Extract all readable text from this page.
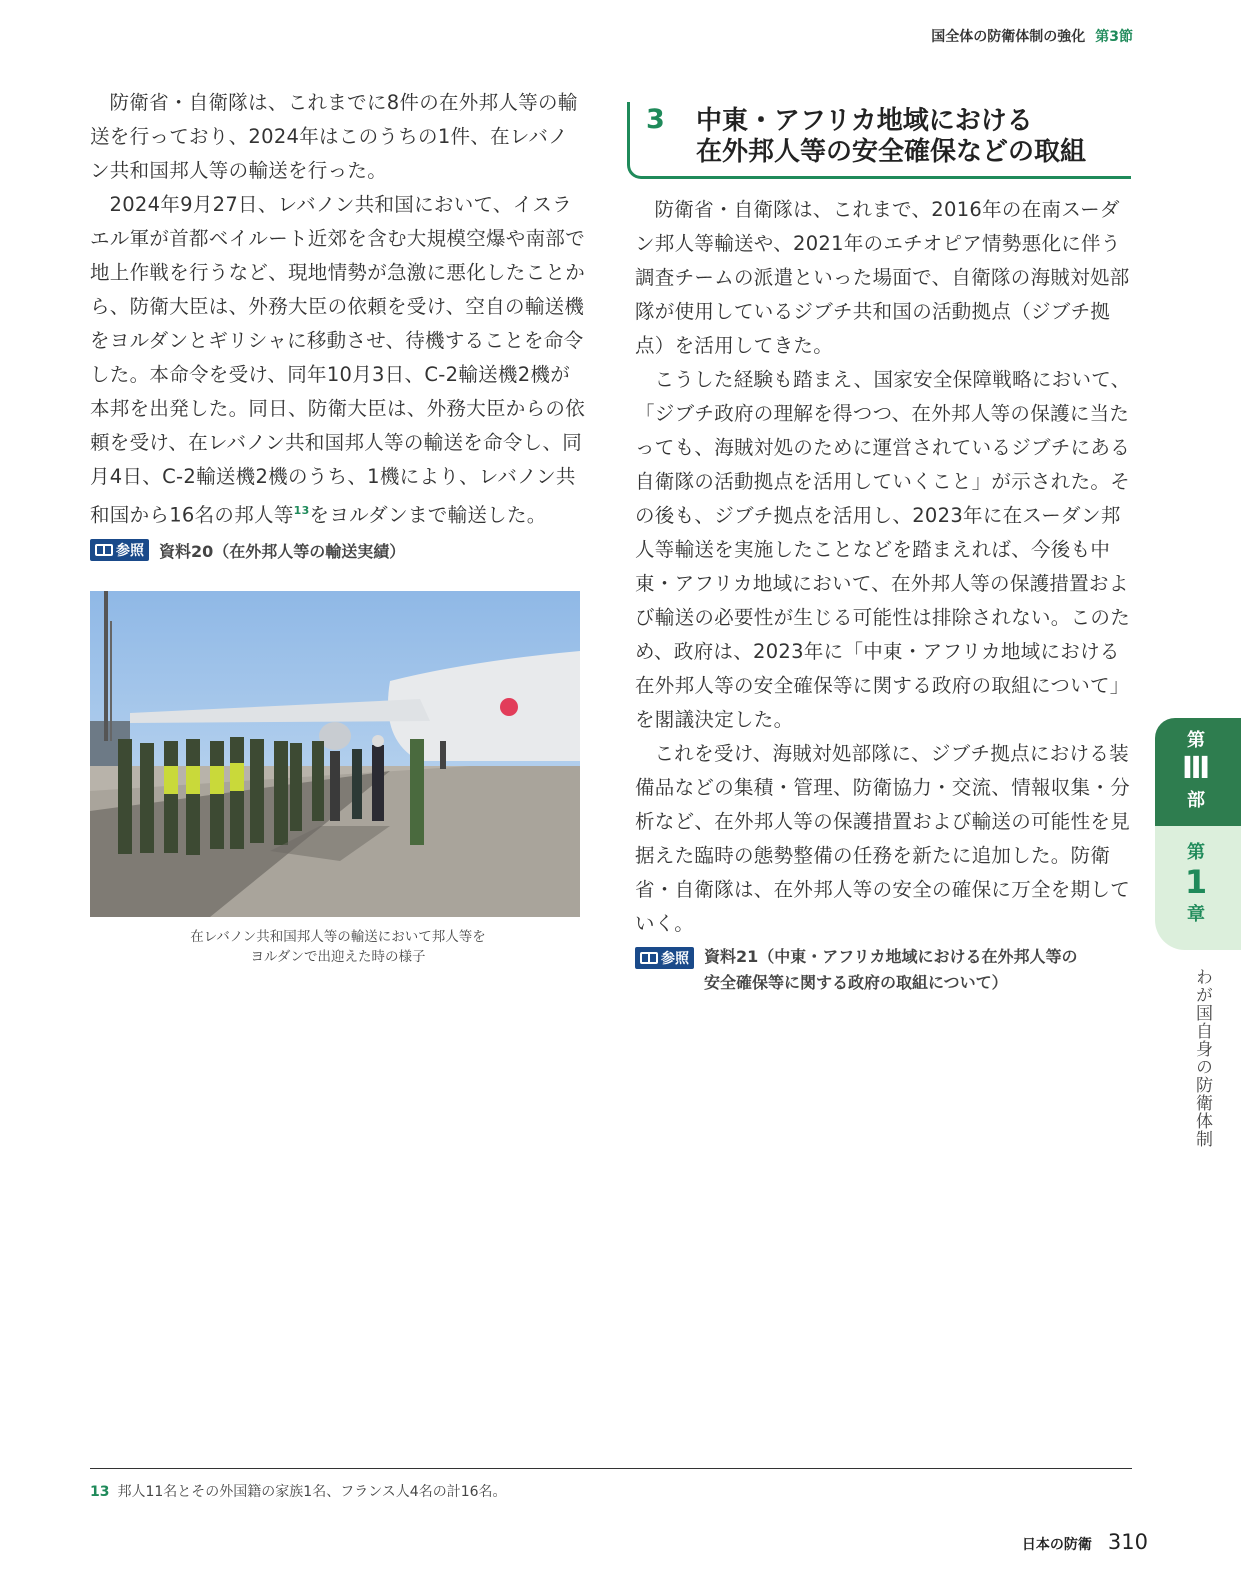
国全体の防衛体制の強化 第3節

防衛省・自衛隊は、これまでに8件の在外邦人等の輸送を行っており、2024年はこのうちの1件、在レバノン共和国邦人等の輸送を行った。

2024年9月27日、レバノン共和国において、イスラエル軍が首都ベイルート近郊を含む大規模空爆や南部で地上作戦を行うなど、現地情勢が急激に悪化したことから、防衛大臣は、外務大臣の依頼を受け、空自の輸送機をヨルダンとギリシャに移動させ、待機することを命令した。本命令を受け、同年10月3日、C-2輸送機2機が本邦を出発した。同日、防衛大臣は、外務大臣からの依頼を受け、在レバノン共和国邦人等の輸送を命令し、同月4日、C-2輸送機2機のうち、1機により、レバノン共和国から16名の邦人等$^{13}$をヨルダンまで輸送した。

参照 資料20（在外邦人等の輸送実績）
在レバノン共和国邦人等の輸送において邦人等を
ヨルダンで出迎えた時の様子
3 中東・アフリカ地域における
在外邦人等の安全確保などの取組

防衛省・自衛隊は、これまで、2016年の在南スーダン邦人等輸送や、2021年のエチオピア情勢悪化に伴う調査チームの派遣といった場面で、自衛隊の海賊対処部隊が使用しているジブチ共和国の活動拠点（ジブチ拠点）を活用してきた。

こうした経験も踏まえ、国家安全保障戦略において、「ジブチ政府の理解を得つつ、在外邦人等の保護に当たっても、海賊対処のために運営されているジブチにある自衛隊の活動拠点を活用していくこと」が示された。その後も、ジブチ拠点を活用し、2023年に在スーダン邦人等輸送を実施したことなどを踏まえれば、今後も中東・アフリカ地域において、在外邦人等の保護措置および輸送の必要性が生じる可能性は排除されない。このため、政府は、2023年に「中東・アフリカ地域における在外邦人等の安全確保等に関する政府の取組について」を閣議決定した。

これを受け、海賊対処部隊に、ジブチ拠点における装備品などの集積・管理、防衛協力・交流、情報収集・分析など、在外邦人等の保護措置および輸送の可能性を見据えた臨時の態勢整備の任務を新たに追加した。防衛省・自衛隊は、在外邦人等の安全の確保に万全を期していく。

参照 資料21（中東・アフリカ地域における在外邦人等の
安全確保等に関する政府の取組について）
第
Ⅲ
部
第
1
章
わが国自身の防衛体制
13 邦人11名とその外国籍の家族1名、フランス人4名の計16名。
日本の防衛 310
